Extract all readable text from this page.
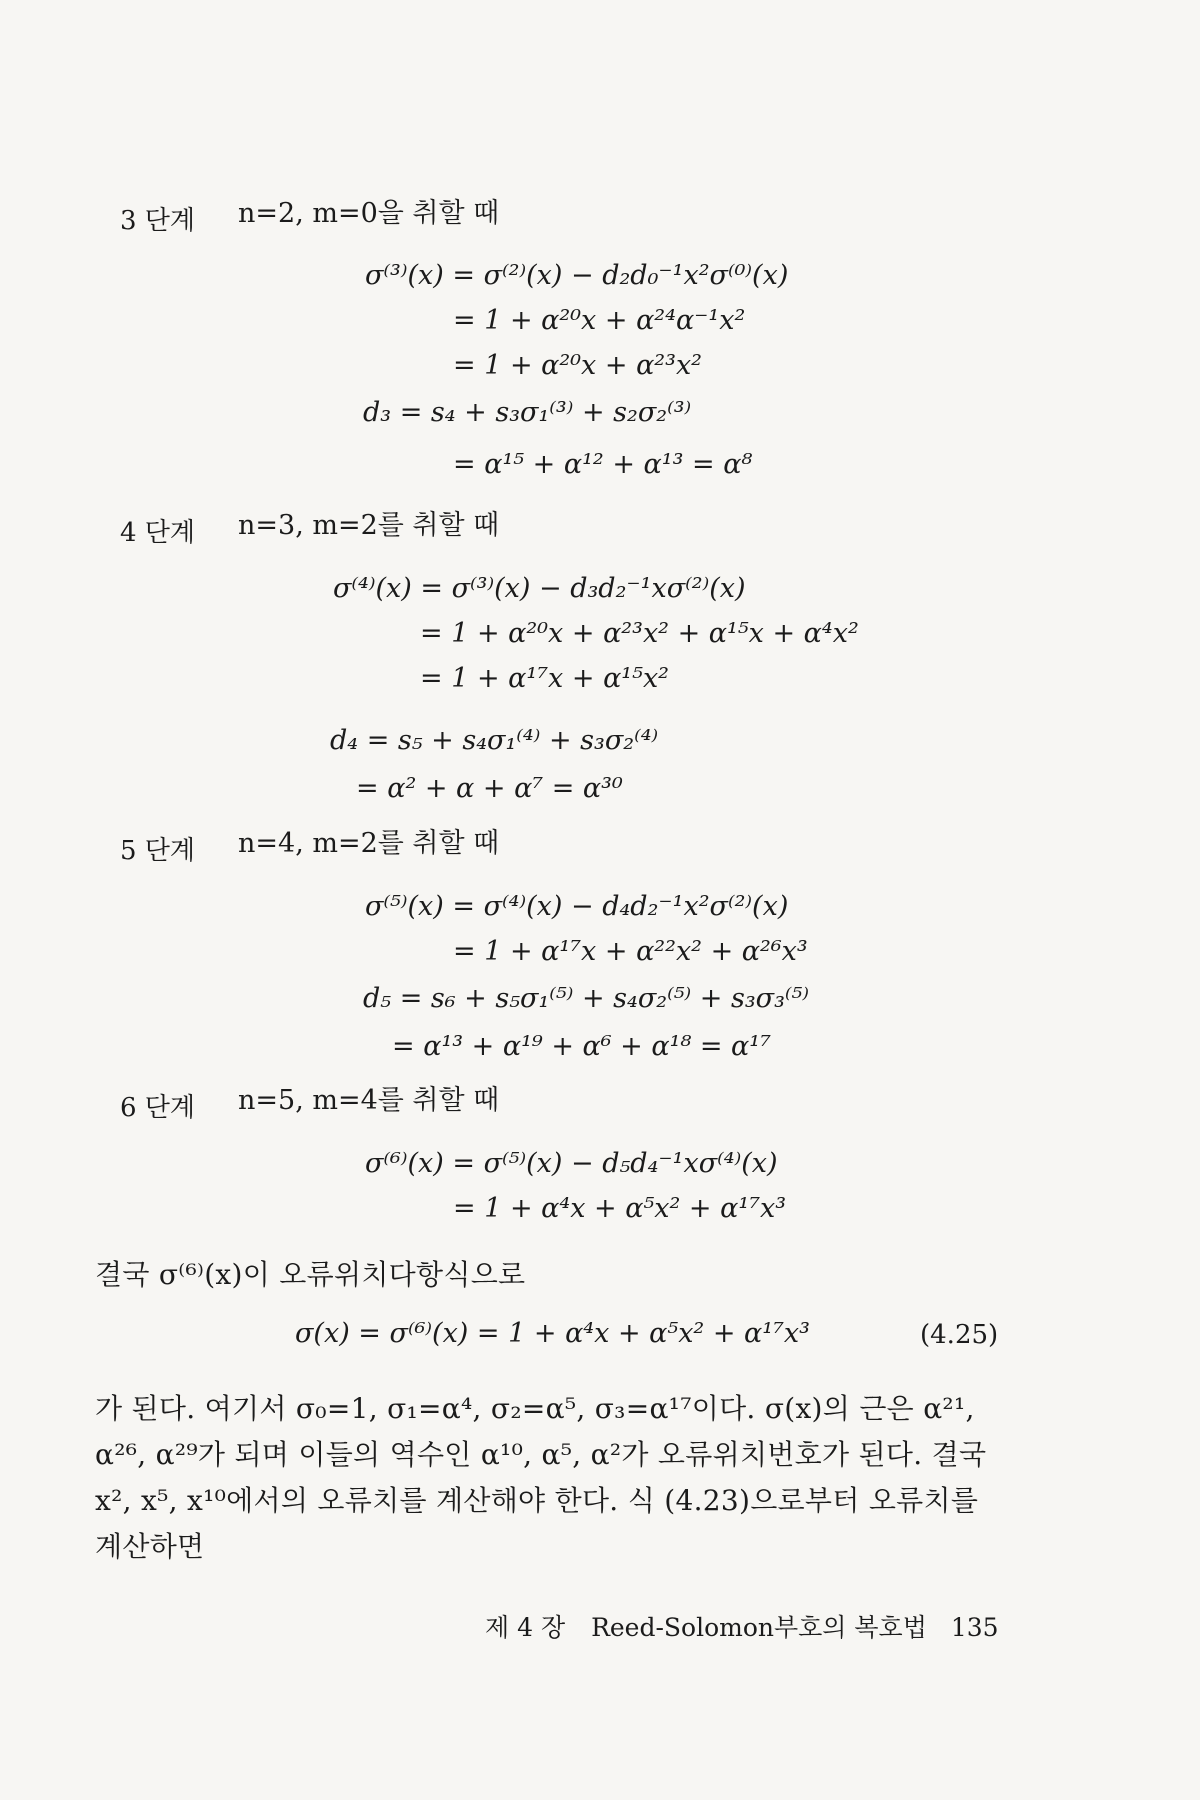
3 단계 n=2, m=0을 취할 때
σ⁽³⁾(x) = σ⁽²⁾(x) − d₂d₀⁻¹x²σ⁽⁰⁾(x)
= 1 + α²⁰x + α²⁴α⁻¹x²
= 1 + α²⁰x + α²³x²
d₃ = s₄ + s₃σ₁⁽³⁾ + s₂σ₂⁽³⁾
= α¹⁵ + α¹² + α¹³ = α⁸
4 단계 n=3, m=2를 취할 때
σ⁽⁴⁾(x) = σ⁽³⁾(x) − d₃d₂⁻¹xσ⁽²⁾(x)
= 1 + α²⁰x + α²³x² + α¹⁵x + α⁴x²
= 1 + α¹⁷x + α¹⁵x²
d₄ = s₅ + s₄σ₁⁽⁴⁾ + s₃σ₂⁽⁴⁾
= α² + α + α⁷ = α³⁰
5 단계 n=4, m=2를 취할 때
σ⁽⁵⁾(x) = σ⁽⁴⁾(x) − d₄d₂⁻¹x²σ⁽²⁾(x)
= 1 + α¹⁷x + α²²x² + α²⁶x³
d₅ = s₆ + s₅σ₁⁽⁵⁾ + s₄σ₂⁽⁵⁾ + s₃σ₃⁽⁵⁾
= α¹³ + α¹⁹ + α⁶ + α¹⁸ = α¹⁷
6 단계 n=5, m=4를 취할 때
σ⁽⁶⁾(x) = σ⁽⁵⁾(x) − d₅d₄⁻¹xσ⁽⁴⁾(x)
= 1 + α⁴x + α⁵x² + α¹⁷x³
결국 σ⁽⁶⁾(x)이 오류위치다항식으로
σ(x) = σ⁽⁶⁾(x) = 1 + α⁴x + α⁵x² + α¹⁷x³	(4.25)
가 된다. 여기서 σ₀=1, σ₁=α⁴, σ₂=α⁵, σ₃=α¹⁷이다. σ(x)의 근은 α²¹,
α²⁶, α²⁹가 되며 이들의 역수인 α¹⁰, α⁵, α²가 오류위치번호가 된다. 결국
x², x⁵, x¹⁰에서의 오류치를 계산해야 한다. 식 (4.23)으로부터 오류치를
계산하면
제 4 장 Reed-Solomon부호의 복호법 135
